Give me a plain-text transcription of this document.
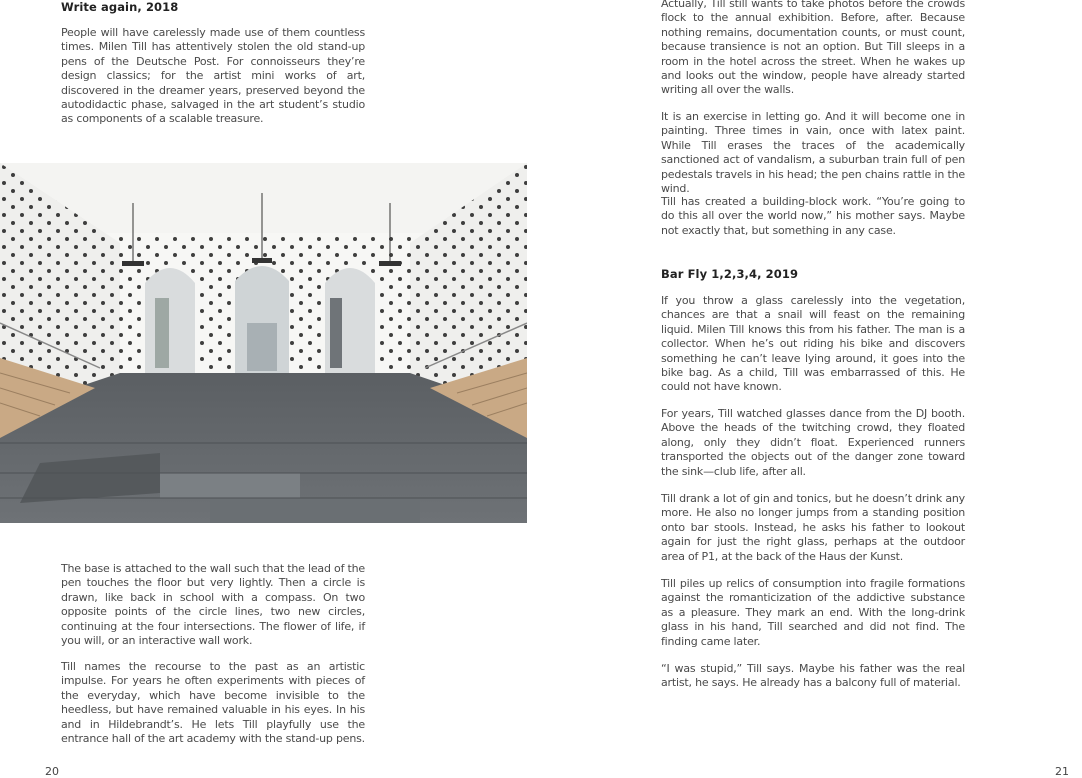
Write again, 2018

People will have carelessly made use of them countless times. Milen Till has attentively stolen the old stand-up pens of the Deutsche Post. For connoisseurs they’re design classics; for the artist mini works of art, discovered in the dreamer years, preserved beyond the autodidactic phase, salvaged in the art student’s studio as components of a scalable treasure.

The base is attached to the wall such that the lead of the pen touches the floor but very lightly. Then a circle is drawn, like back in school with a compass. On two opposite points of the circle lines, two new circles, continuing at the four intersections. The flower of life, if you will, or an interactive wall work.

Till names the recourse to the past as an artistic impulse. For years he often experiments with pieces of the everyday, which have become invisible to the heedless, but have remained valuable in his eyes. In his and in Hildebrandt’s. He lets Till playfully use the entrance hall of the art academy with the stand-up pens.

20

Actually, Till still wants to take photos before the crowds flock to the annual exhibition. Before, after. Because nothing remains, documentation counts, or must count, because transience is not an option. But Till sleeps in a room in the hotel across the street. When he wakes up and looks out the window, people have already started writing all over the walls.

It is an exercise in letting go. And it will become one in painting. Three times in vain, once with latex paint. While Till erases the traces of the academically sanctioned act of vandalism, a suburban train full of pen pedestals travels in his head; the pen chains rattle in the wind.

Till has created a building-block work. “You’re going to do this all over the world now,” his mother says. Maybe not exactly that, but something in any case.

Bar Fly 1,2,3,4, 2019

If you throw a glass carelessly into the vegetation, chances are that a snail will feast on the remaining liquid. Milen Till knows this from his father. The man is a collector. When he’s out riding his bike and discovers something he can’t leave lying around, it goes into the bike bag. As a child, Till was embarrassed of this. He could not have known.

For years, Till watched glasses dance from the DJ booth. Above the heads of the twitching crowd, they floated along, only they didn’t float. Experienced runners transported the objects out of the danger zone toward the sink—club life, after all.

Till drank a lot of gin and tonics, but he doesn’t drink any more. He also no longer jumps from a standing position onto bar stools. Instead, he asks his father to lookout again for just the right glass, perhaps at the outdoor area of P1, at the back of the Haus der Kunst.

Till piles up relics of consumption into fragile formations against the romanticization of the addictive substance as a pleasure. They mark an end. With the long-drink glass in his hand, Till searched and did not find. The finding came later.

“I was stupid,” Till says. Maybe his father was the real artist, he says. He already has a balcony full of material.

21
